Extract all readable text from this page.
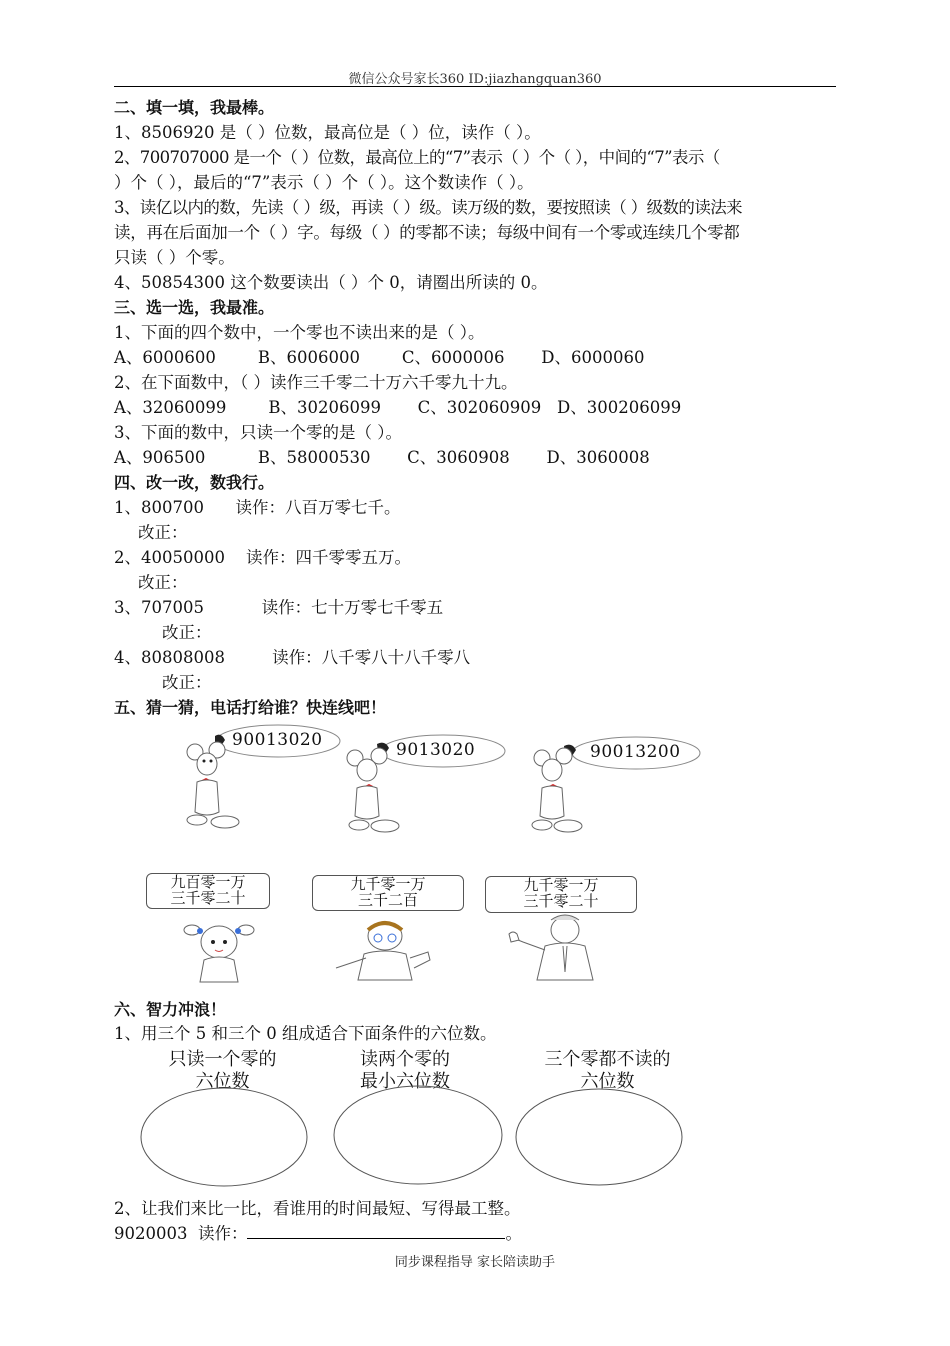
微信公众号家长360 ID:jiazhangquan360
二、填一填，我最棒。
1、8506920 是（ ）位数，最高位是（ ）位，读作（ ）。
2、700707000 是一个（ ）位数，最高位上的“7”表示（ ）个（ ），中间的“7”表示（
）个（ ），最后的“7”表示（ ）个（ ）。这个数读作（ ）。
3、读亿以内的数，先读（ ）级，再读（ ）级。读万级的数，要按照读（ ）级数的读法来
读，再在后面加一个（ ）字。每级（ ）的零都不读；每级中间有一个零或连续几个零都
只读（ ）个零。
4、50854300 这个数要读出（ ）个 0，请圈出所读的 0。
三、选一选，我最准。
1、下面的四个数中，一个零也不读出来的是（ ）。
A、6000600        B、6006000        C、6000006       D、6000060
2、在下面数中，（ ）读作三千零二十万六千零九十九。
A、32060099        B、30206099       C、302060909   D、300206099
3、下面的数中，只读一个零的是（ ）。
A、906500          B、58000530       C、3060908       D、3060008
四、改一改，数我行。
1、800700      读作：八百万零七千。
改正：
2、40050000    读作：四千零零五万。
改正：
3、707005           读作：七十万零七千零五
改正：
4、80808008         读作：八千零八十八千零八
改正：
五、猜一猜，电话打给谁？快连线吧！
90013020	9013020	90013200
九百零一万
三千零二十
九千零一万
三千二百
九千零一万
三千零二十
六、智力冲浪！
1、用三个 5 和三个 0 组成适合下面条件的六位数。
只读一个零的
六位数
读两个零的
最小六位数
三个零都不读的
六位数
2、让我们来比一比，看谁用的时间最短、写得最工整。
9020003  读作：	。
同步课程指导 家长陪读助手
